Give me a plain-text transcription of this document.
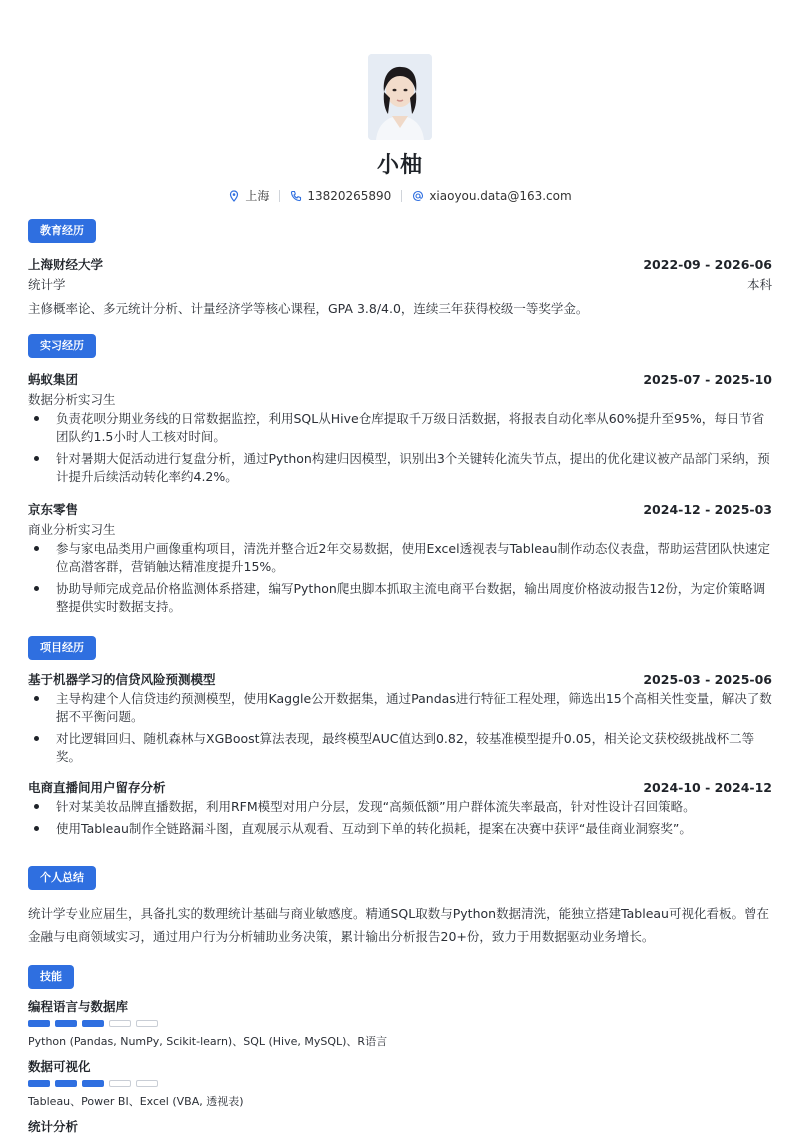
小柚
上海	13820265890	xiaoyou.data@163.com
教育经历
上海财经大学	2022-09 - 2026-06
统计学	本科
主修概率论、多元统计分析、计量经济学等核心课程，GPA 3.8/4.0，连续三年获得校级一等奖学金。
实习经历
蚂蚁集团	2025-07 - 2025-10
数据分析实习生
负责花呗分期业务线的日常数据监控，利用SQL从Hive仓库提取千万级日活数据，将报表自动化率从60%提升至95%，每日节省团队约1.5小时人工核对时间。
针对暑期大促活动进行复盘分析，通过Python构建归因模型，识别出3个关键转化流失节点，提出的优化建议被产品部门采纳，预计提升后续活动转化率约4.2%。
京东零售	2024-12 - 2025-03
商业分析实习生
参与家电品类用户画像重构项目，清洗并整合近2年交易数据，使用Excel透视表与Tableau制作动态仪表盘，帮助运营团队快速定位高潜客群，营销触达精准度提升15%。
协助导师完成竞品价格监测体系搭建，编写Python爬虫脚本抓取主流电商平台数据，输出周度价格波动报告12份，为定价策略调整提供实时数据支持。
项目经历
基于机器学习的信贷风险预测模型	2025-03 - 2025-06
主导构建个人信贷违约预测模型，使用Kaggle公开数据集，通过Pandas进行特征工程处理，筛选出15个高相关性变量，解决了数据不平衡问题。
对比逻辑回归、随机森林与XGBoost算法表现，最终模型AUC值达到0.82，较基准模型提升0.05，相关论文获校级挑战杯二等奖。
电商直播间用户留存分析	2024-10 - 2024-12
针对某美妆品牌直播数据，利用RFM模型对用户分层，发现“高频低额”用户群体流失率最高，针对性设计召回策略。
使用Tableau制作全链路漏斗图，直观展示从观看、互动到下单的转化损耗，提案在决赛中获评“最佳商业洞察奖”。
个人总结
统计学专业应届生，具备扎实的数理统计基础与商业敏感度。精通SQL取数与Python数据清洗，能独立搭建Tableau可视化看板。曾在金融与电商领域实习，通过用户行为分析辅助业务决策，累计输出分析报告20+份，致力于用数据驱动业务增长。
技能
编程语言与数据库
Python (Pandas, NumPy, Scikit-learn)、SQL (Hive, MySQL)、R语言
数据可视化
Tableau、Power BI、Excel (VBA, 透视表)
统计分析
